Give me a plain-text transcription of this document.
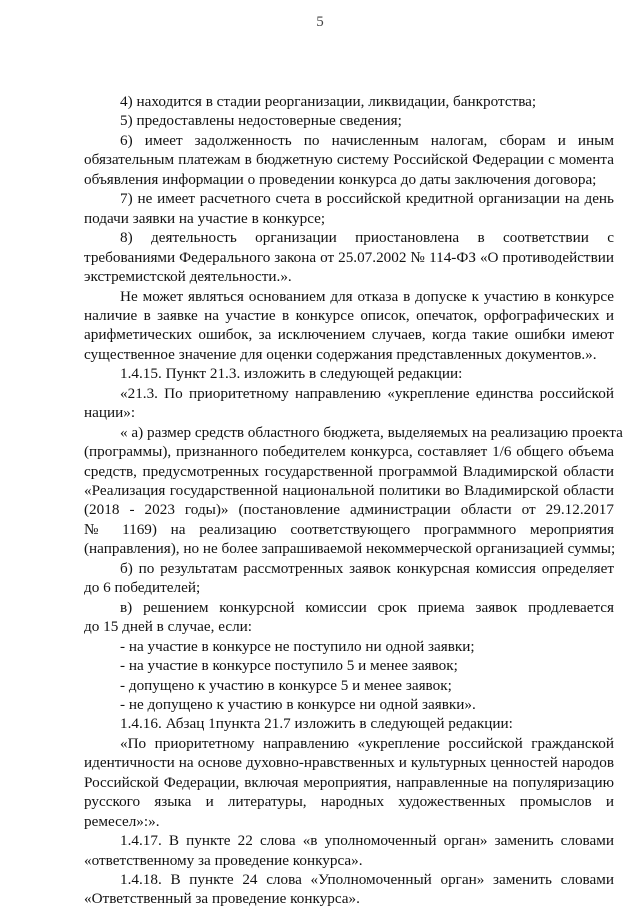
5
4) находится в стадии реорганизации, ликвидации, банкротства;
5) предоставлены недостоверные сведения;
6) имеет задолженность по начисленным налогам, сборам и иным
обязательным платежам в бюджетную систему Российской Федерации с момента
объявления информации о проведении конкурса до даты заключения договора;
7) не имеет расчетного счета в российской кредитной организации на день
подачи заявки на участие в конкурсе;
8) деятельность организации приостановлена в соответствии с
требованиями Федерального закона от 25.07.2002 № 114-ФЗ «О противодействии
экстремистской деятельности.».
Не может являться основанием для отказа в допуске к участию в конкурсе
наличие в заявке на участие в конкурсе описок, опечаток, орфографических и
арифметических ошибок, за исключением случаев, когда такие ошибки имеют
существенное значение для оценки содержания представленных документов.».
1.4.15. Пункт 21.3. изложить в следующей редакции:
«21.3. По приоритетному направлению «укрепление единства российской
нации»:
« а) размер средств областного бюджета, выделяемых на реализацию проекта
(программы), признанного победителем конкурса, составляет 1/6 общего объема
средств, предусмотренных государственной программой Владимирской области
«Реализация государственной национальной политики во Владимирской области
(2018 - 2023 годы)» (постановление администрации области от 29.12.2017
№ 1169) на реализацию соответствующего программного мероприятия
(направления), но не более запрашиваемой некоммерческой организацией суммы;
б) по результатам рассмотренных заявок конкурсная комиссия определяет
до 6 победителей;
в) решением конкурсной комиссии срок приема заявок продлевается
до 15 дней в случае, если:
- на участие в конкурсе не поступило ни одной заявки;
- на участие в конкурсе поступило 5 и менее заявок;
- допущено к участию в конкурсе 5 и менее заявок;
- не допущено к участию в конкурсе ни одной заявки».
1.4.16. Абзац 1пункта 21.7 изложить в следующей редакции:
«По приоритетному направлению «укрепление российской гражданской
идентичности на основе духовно-нравственных и культурных ценностей народов
Российской Федерации, включая мероприятия, направленные на популяризацию
русского языка и литературы, народных художественных промыслов и
ремесел»:».
1.4.17. В пункте 22 слова «в уполномоченный орган» заменить словами
«ответственному за проведение конкурса».
1.4.18. В пункте 24 слова «Уполномоченный орган» заменить словами
«Ответственный за проведение конкурса».
